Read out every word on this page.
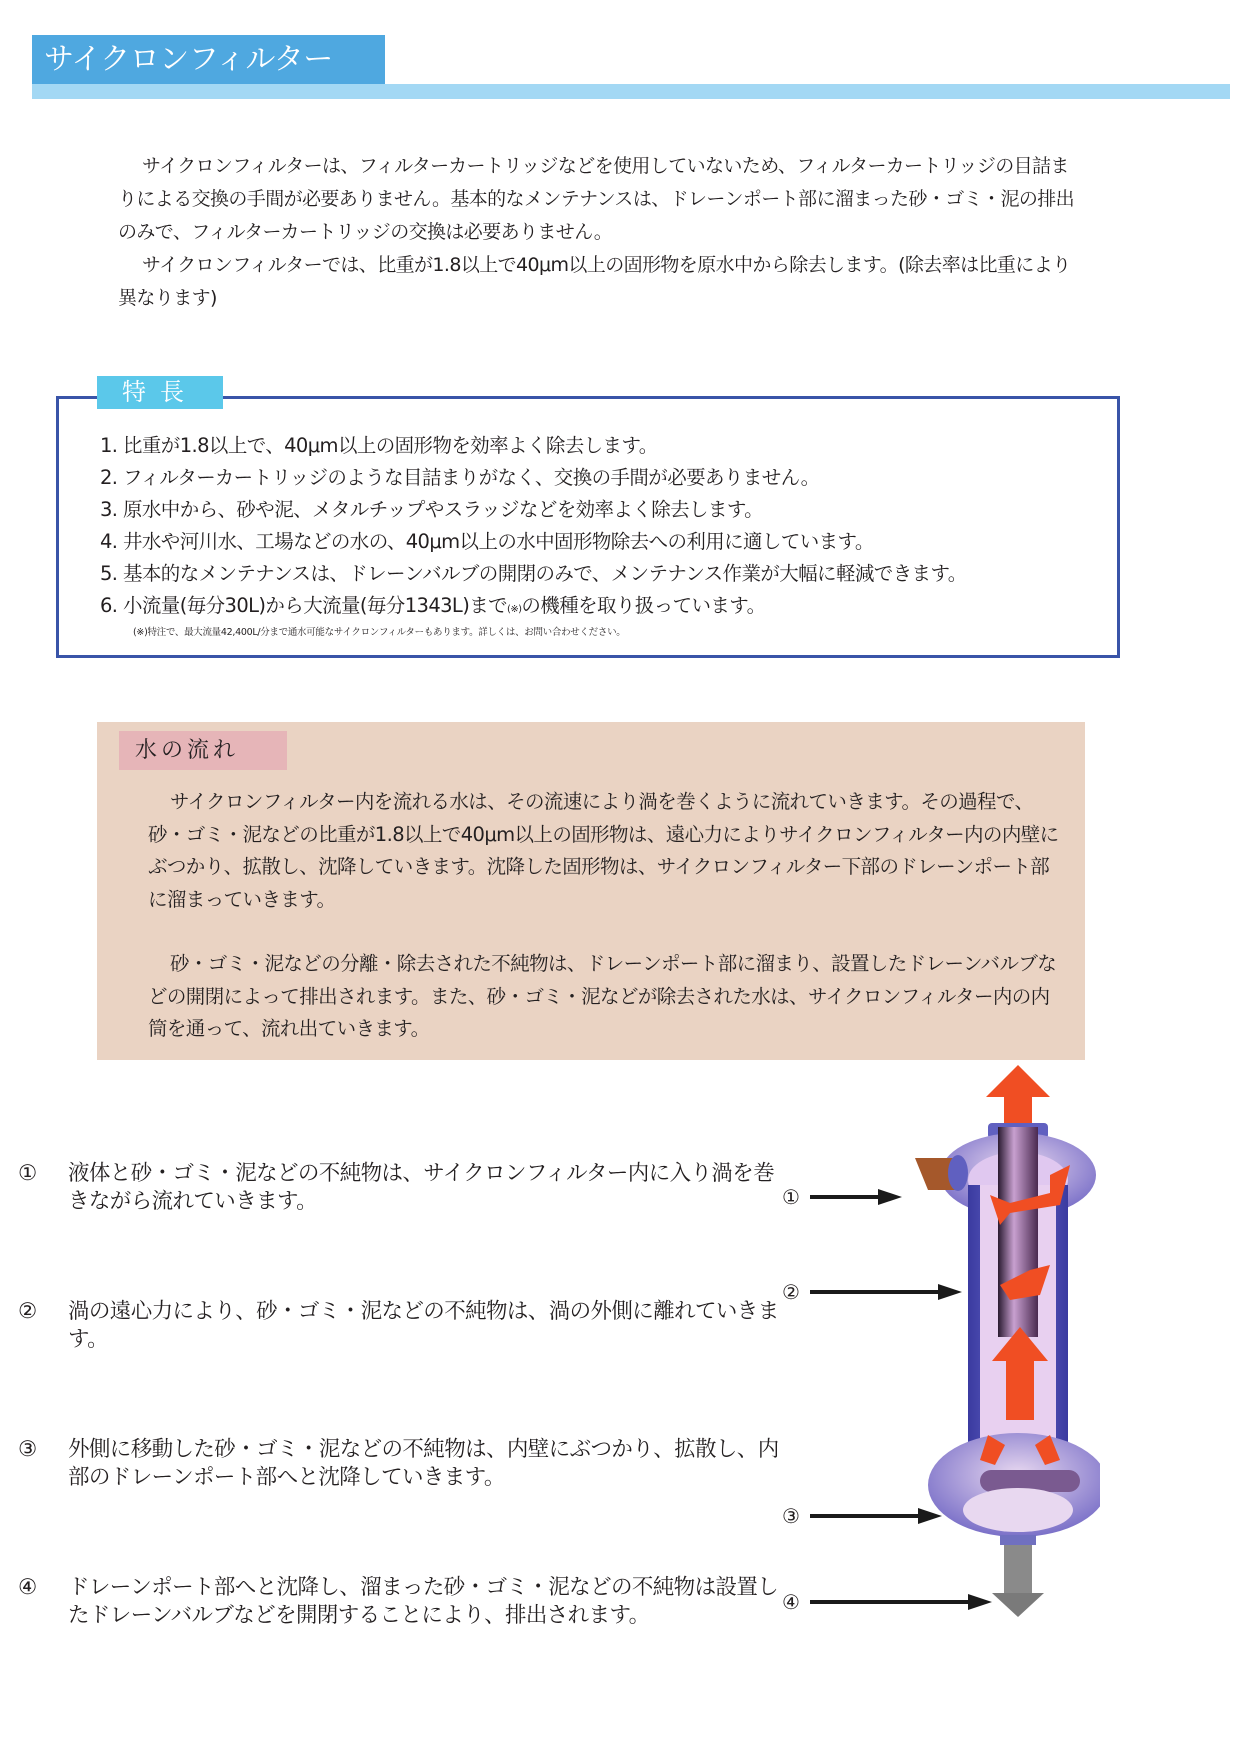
サイクロンフィルター

サイクロンフィルターは、フィルターカートリッジなどを使用していないため、フィルターカートリッジの目詰まりによる交換の手間が必要ありません。基本的なメンテナンスは、ドレーンポート部に溜まった砂・ゴミ・泥の排出のみで、フィルターカートリッジの交換は必要ありません。

サイクロンフィルターでは、比重が1.8以上で40μm以上の固形物を原水中から除去します。(除去率は比重により異なります)

特長
1. 比重が1.8以上で、40μm以上の固形物を効率よく除去します。
2. フィルターカートリッジのような目詰まりがなく、交換の手間が必要ありません。
3. 原水中から、砂や泥、メタルチップやスラッジなどを効率よく除去します。
4. 井水や河川水、工場などの水の、40μm以上の水中固形物除去への利用に適しています。
5. 基本的なメンテナンスは、ドレーンバルブの開閉のみで、メンテナンス作業が大幅に軽減できます。
6. 小流量(毎分30L)から大流量(毎分1343L)まで(※)の機種を取り扱っています。
(※)特注で、最大流量42,400L/分まで通水可能なサイクロンフィルターもあります。詳しくは、お問い合わせください。
水の流れ

サイクロンフィルター内を流れる水は、その流速により渦を巻くように流れていきます。その過程で、砂・ゴミ・泥などの比重が1.8以上で40μm以上の固形物は、遠心力によりサイクロンフィルター内の内壁にぶつかり、拡散し、沈降していきます。沈降した固形物は、サイクロンフィルター下部のドレーンポート部に溜まっていきます。

砂・ゴミ・泥などの分離・除去された不純物は、ドレーンポート部に溜まり、設置したドレーンバルブなどの開閉によって排出されます。また、砂・ゴミ・泥などが除去された水は、サイクロンフィルター内の内筒を通って、流れ出ていきます。

①	液体と砂・ゴミ・泥などの不純物は、サイクロンフィルター内に入り渦を巻きながら流れていきます。
②	渦の遠心力により、砂・ゴミ・泥などの不純物は、渦の外側に離れていきます。
③	外側に移動した砂・ゴミ・泥などの不純物は、内壁にぶつかり、拡散し、内部のドレーンポート部へと沈降していきます。
④	ドレーンポート部へと沈降し、溜まった砂・ゴミ・泥などの不純物は設置したドレーンバルブなどを開閉することにより、排出されます。
①
②
③
④
